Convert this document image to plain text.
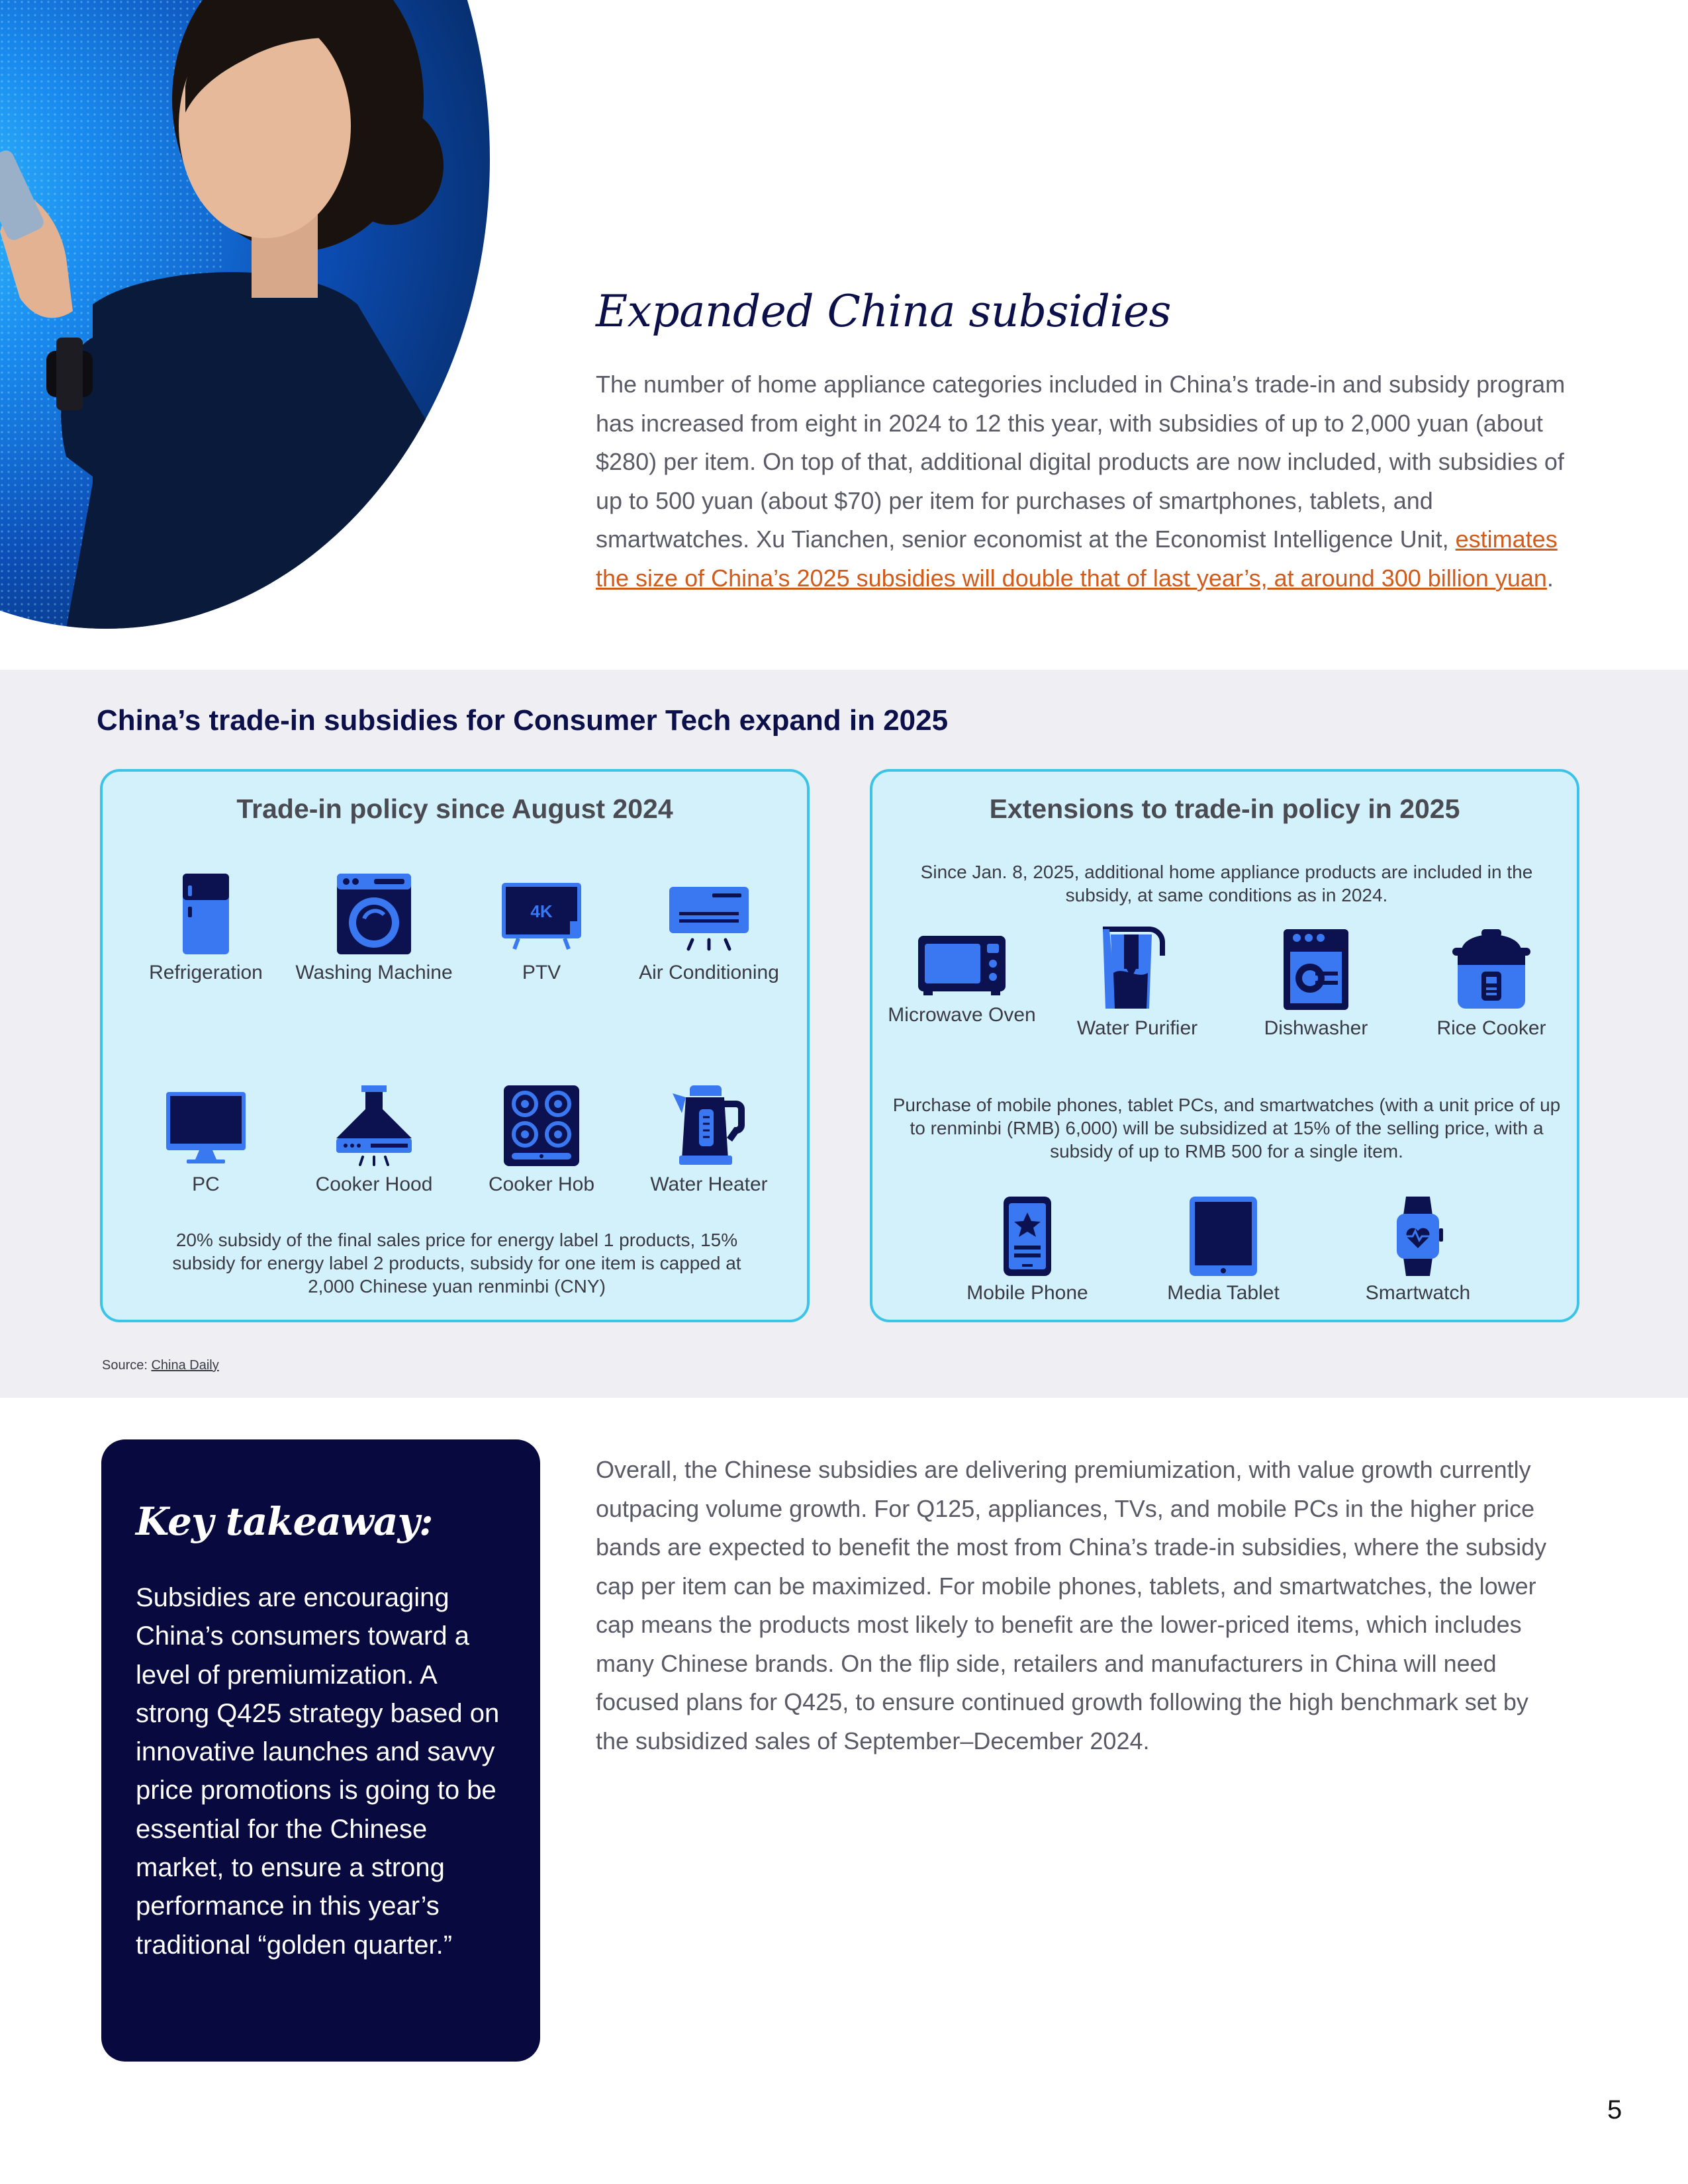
Expanded China subsidies

The number of home appliance categories included in China’s trade-in and subsidy program has increased from eight in 2024 to 12 this year, with subsidies of up to 2,000 yuan (about $280) per item. On top of that, additional digital products are now included, with subsidies of up to 500 yuan (about $70) per item for purchases of smartphones, tablets, and smartwatches. Xu Tianchen, senior economist at the Economist Intelligence Unit, estimates the size of China’s 2025 subsidies will double that of last year’s, at around 300 billion yuan.

China’s trade-in subsidies for Consumer Tech expand in 2025
Trade-in policy since August 2024
Refrigeration	Washing Machine
4K
PTV	Air Conditioning
PC	Cooker Hood	Cooker Hob	Water Heater

20% subsidy of the final sales price for energy label 1 products, 15% subsidy for energy label 2 products, subsidy for one item is capped at 2,000 Chinese yuan renminbi (CNY)

Extensions to trade-in policy in 2025

Since Jan. 8, 2025, additional home appliance products are included in the subsidy, at same conditions as in 2024.

Microwave Oven
Water Purifier	Dishwasher	Rice Cooker

Purchase of mobile phones, tablet PCs, and smartwatches (with a unit price of up to renminbi (RMB) 6,000) will be subsidized at 15% of the selling price, with a subsidy of up to RMB 500 for a single item.

Mobile Phone	Media Tablet	Smartwatch
Source: China Daily
Key takeaway:

Subsidies are encouraging China’s consumers toward a level of premiumization. A strong Q425 strategy based on innovative launches and savvy price promotions is going to be essential for the Chinese market, to ensure a strong performance in this year’s traditional “golden quarter.”

Overall, the Chinese subsidies are delivering premiumization, with value growth currently outpacing volume growth. For Q125, appliances, TVs, and mobile PCs in the higher price bands are expected to benefit the most from China’s trade-in subsidies, where the subsidy cap per item can be maximized. For mobile phones, tablets, and smartwatches, the lower cap means the products most likely to benefit are the lower-priced items, which includes many Chinese brands. On the flip side, retailers and manufacturers in China will need focused plans for Q425, to ensure continued growth following the high benchmark set by the subsidized sales of September–December 2024.

5
